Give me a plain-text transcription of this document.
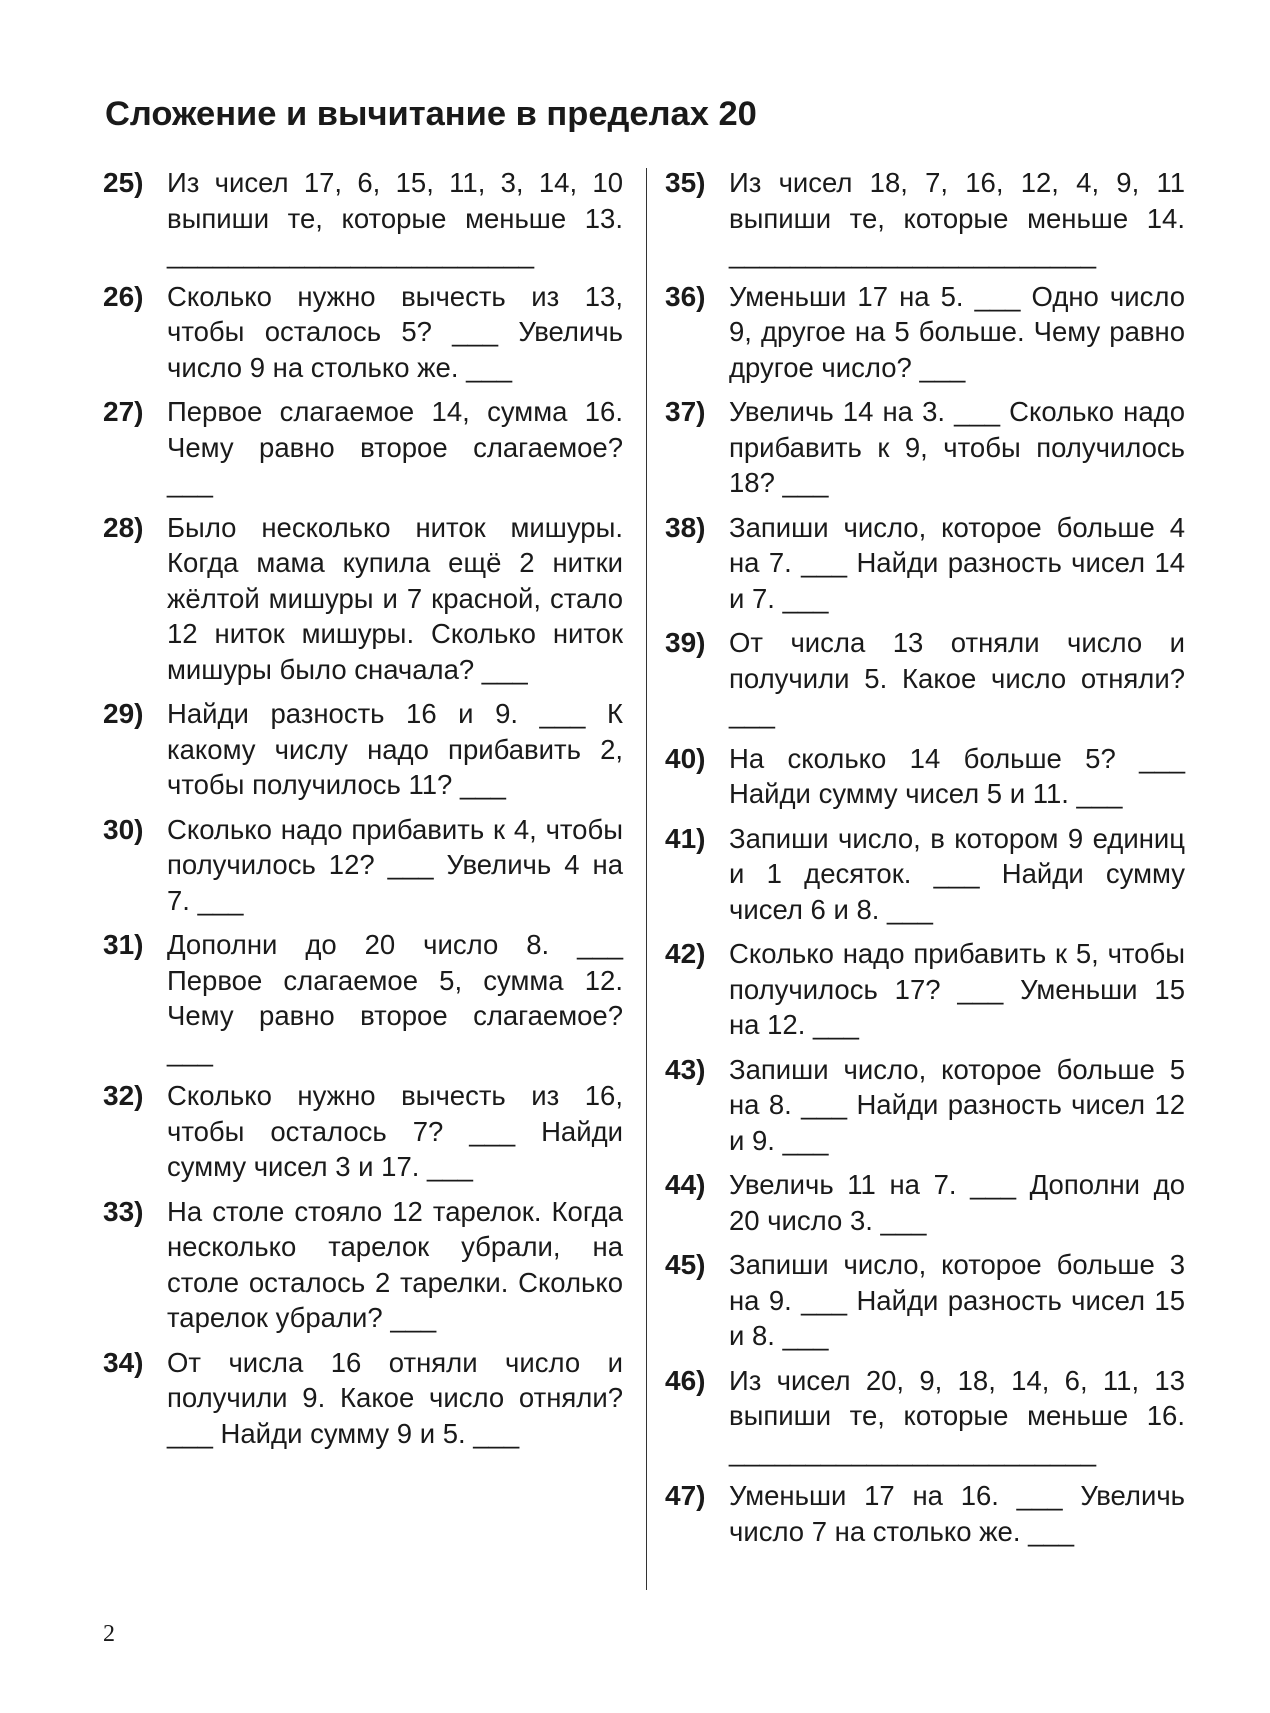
Сложение и вычитание в пределах 20
25) Из чисел 17, 6, 15, 11, 3, 14, 10 выпиши те, которые меньше 13. ________________________
26) Сколько нужно вычесть из 13, чтобы осталось 5? ___ Увеличь число 9 на столько же. ___
27) Первое слагаемое 14, сумма 16. Чему равно второе слагаемое? ___
28) Было несколько ниток мишуры. Когда мама купила ещё 2 нитки жёлтой мишуры и 7 красной, стало 12 ниток мишуры. Сколько ниток мишуры было сначала? ___
29) Найди разность 16 и 9. ___ К какому числу надо прибавить 2, чтобы получилось 11? ___
30) Сколько надо прибавить к 4, чтобы получилось 12? ___ Увеличь 4 на 7. ___
31) Дополни до 20 число 8. ___ Первое слагаемое 5, сумма 12. Чему равно второе слагаемое? ___
32) Сколько нужно вычесть из 16, чтобы осталось 7? ___ Найди сумму чисел 3 и 17. ___
33) На столе стояло 12 тарелок. Когда несколько тарелок убрали, на столе осталось 2 тарелки. Сколько тарелок убрали? ___
34) От числа 16 отняли число и получили 9. Какое число отняли? ___ Найди сумму 9 и 5. ___
35) Из чисел 18, 7, 16, 12, 4, 9, 11 выпиши те, которые меньше 14. ________________________
36) Уменьши 17 на 5. ___ Одно число 9, другое на 5 больше. Чему равно другое число? ___
37) Увеличь 14 на 3. ___ Сколько надо прибавить к 9, чтобы получилось 18? ___
38) Запиши число, которое больше 4 на 7. ___ Найди разность чисел 14 и 7. ___
39) От числа 13 отняли число и получили 5. Какое число отняли? ___
40) На сколько 14 больше 5? ___ Найди сумму чисел 5 и 11. ___
41) Запиши число, в котором 9 единиц и 1 десяток. ___ Найди сумму чисел 6 и 8. ___
42) Сколько надо прибавить к 5, чтобы получилось 17? ___ Уменьши 15 на 12. ___
43) Запиши число, которое больше 5 на 8. ___ Найди разность чисел 12 и 9. ___
44) Увеличь 11 на 7. ___ Дополни до 20 число 3. ___
45) Запиши число, которое больше 3 на 9. ___ Найди разность чисел 15 и 8. ___
46) Из чисел 20, 9, 18, 14, 6, 11, 13 выпиши те, которые меньше 16. ________________________
47) Уменьши 17 на 16. ___ Увеличь число 7 на столько же. ___
2
